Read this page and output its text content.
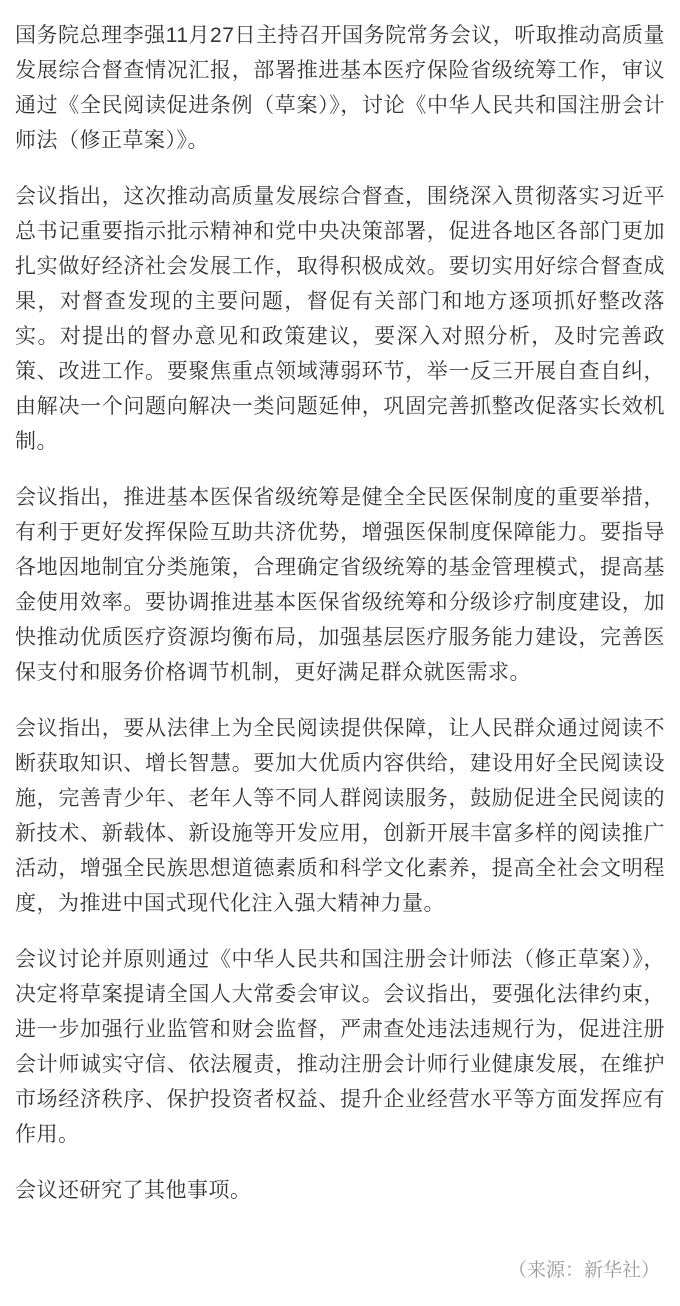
国务院总理李强11月27日主持召开国务院常务会议，听取推动高质量发展综合督查情况汇报，部署推进基本医疗保险省级统筹工作，审议通过《全民阅读促进条例（草案）》，讨论《中华人民共和国注册会计师法（修正草案）》。

会议指出，这次推动高质量发展综合督查，围绕深入贯彻落实习近平总书记重要指示批示精神和党中央决策部署，促进各地区各部门更加扎实做好经济社会发展工作，取得积极成效。要切实用好综合督查成果，对督查发现的主要问题，督促有关部门和地方逐项抓好整改落实。对提出的督办意见和政策建议，要深入对照分析，及时完善政策、改进工作。要聚焦重点领域薄弱环节，举一反三开展自查自纠，由解决一个问题向解决一类问题延伸，巩固完善抓整改促落实长效机制。

会议指出，推进基本医保省级统筹是健全全民医保制度的重要举措，有利于更好发挥保险互助共济优势，增强医保制度保障能力。要指导各地因地制宜分类施策，合理确定省级统筹的基金管理模式，提高基金使用效率。要协调推进基本医保省级统筹和分级诊疗制度建设，加快推动优质医疗资源均衡布局，加强基层医疗服务能力建设，完善医保支付和服务价格调节机制，更好满足群众就医需求。

会议指出，要从法律上为全民阅读提供保障，让人民群众通过阅读不断获取知识、增长智慧。要加大优质内容供给，建设用好全民阅读设施，完善青少年、老年人等不同人群阅读服务，鼓励促进全民阅读的新技术、新载体、新设施等开发应用，创新开展丰富多样的阅读推广活动，增强全民族思想道德素质和科学文化素养，提高全社会文明程度，为推进中国式现代化注入强大精神力量。

会议讨论并原则通过《中华人民共和国注册会计师法（修正草案）》，决定将草案提请全国人大常委会审议。会议指出，要强化法律约束，进一步加强行业监管和财会监督，严肃查处违法违规行为，促进注册会计师诚实守信、依法履责，推动注册会计师行业健康发展，在维护市场经济秩序、保护投资者权益、提升企业经营水平等方面发挥应有作用。

会议还研究了其他事项。

（来源：新华社）
